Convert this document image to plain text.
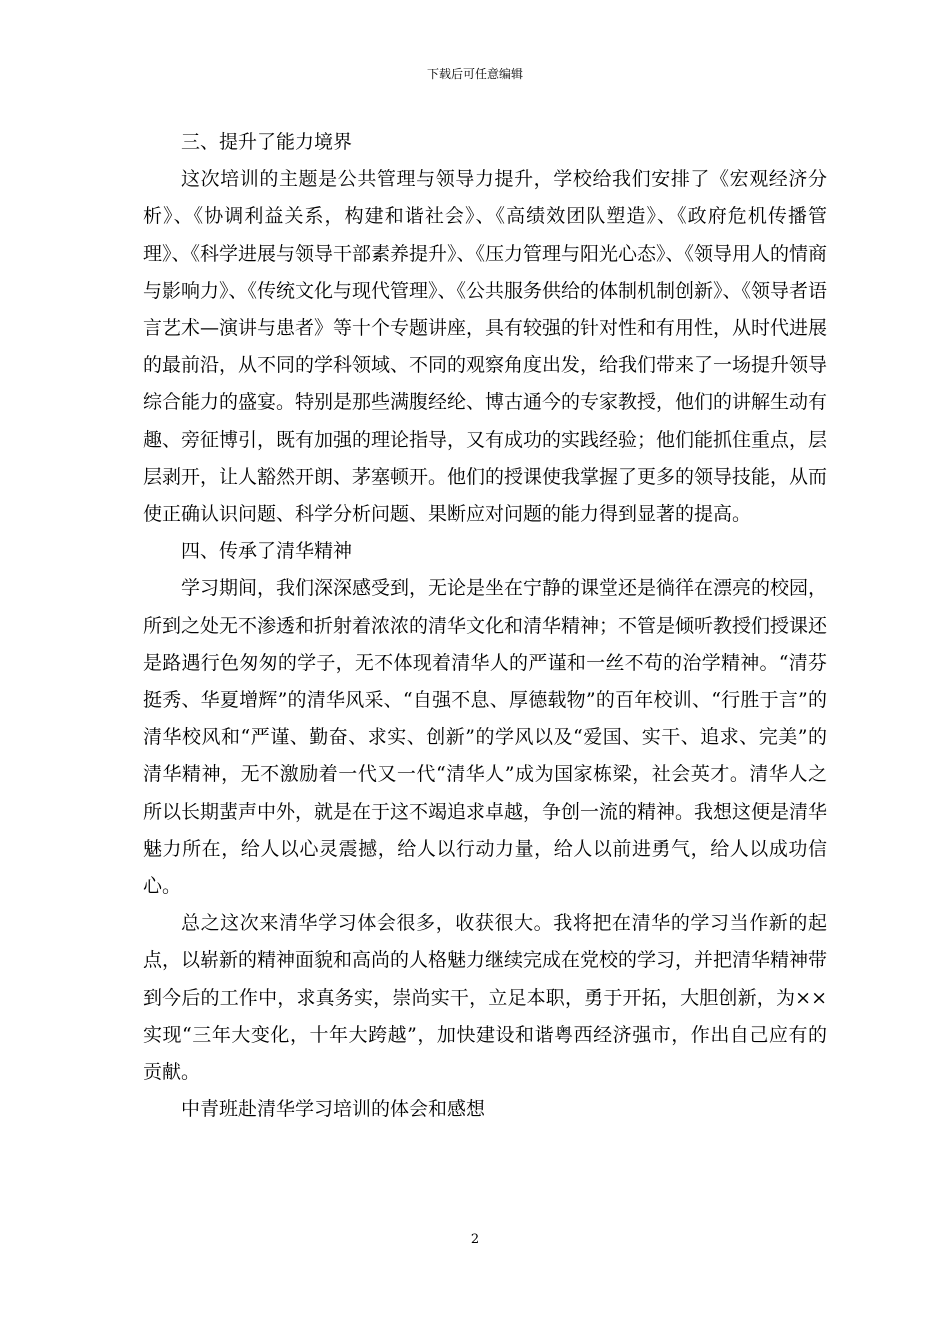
下载后可任意编辑

三、提升了能力境界

这次培训的主题是公共管理与领导力提升，学校给我们安排了《宏观经济分析》、《协调利益关系，构建和谐社会》、《高绩效团队塑造》、《政府危机传播管理》、《科学进展与领导干部素养提升》、《压力管理与阳光心态》、《领导用人的情商与影响力》、《传统文化与现代管理》、《公共服务供给的体制机制创新》、《领导者语言艺术—演讲与患者》等十个专题讲座，具有较强的针对性和有用性，从时代进展的最前沿，从不同的学科领域、不同的观察角度出发，给我们带来了一场提升领导综合能力的盛宴。特别是那些满腹经纶、博古通今的专家教授，他们的讲解生动有趣、旁征博引，既有加强的理论指导，又有成功的实践经验；他们能抓住重点，层层剥开，让人豁然开朗、茅塞顿开。他们的授课使我掌握了更多的领导技能，从而使正确认识问题、科学分析问题、果断应对问题的能力得到显著的提高。

四、传承了清华精神

学习期间，我们深深感受到，无论是坐在宁静的课堂还是徜徉在漂亮的校园，所到之处无不渗透和折射着浓浓的清华文化和清华精神；不管是倾听教授们授课还是路遇行色匆匆的学子，无不体现着清华人的严谨和一丝不苟的治学精神。“清芬挺秀、华夏增辉”的清华风采、“自强不息、厚德载物”的百年校训、“行胜于言”的清华校风和“严谨、勤奋、求实、创新”的学风以及“爱国、实干、追求、完美”的清华精神，无不激励着一代又一代“清华人”成为国家栋梁，社会英才。清华人之所以长期蜚声中外，就是在于这不竭追求卓越，争创一流的精神。我想这便是清华魅力所在，给人以心灵震撼，给人以行动力量，给人以前进勇气，给人以成功信心。

总之这次来清华学习体会很多，收获很大。我将把在清华的学习当作新的起点，以崭新的精神面貌和高尚的人格魅力继续完成在党校的学习，并把清华精神带到今后的工作中，求真务实，崇尚实干，立足本职，勇于开拓，大胆创新，为××实现“三年大变化，十年大跨越”，加快建设和谐粤西经济强市，作出自己应有的贡献。

中青班赴清华学习培训的体会和感想

2
